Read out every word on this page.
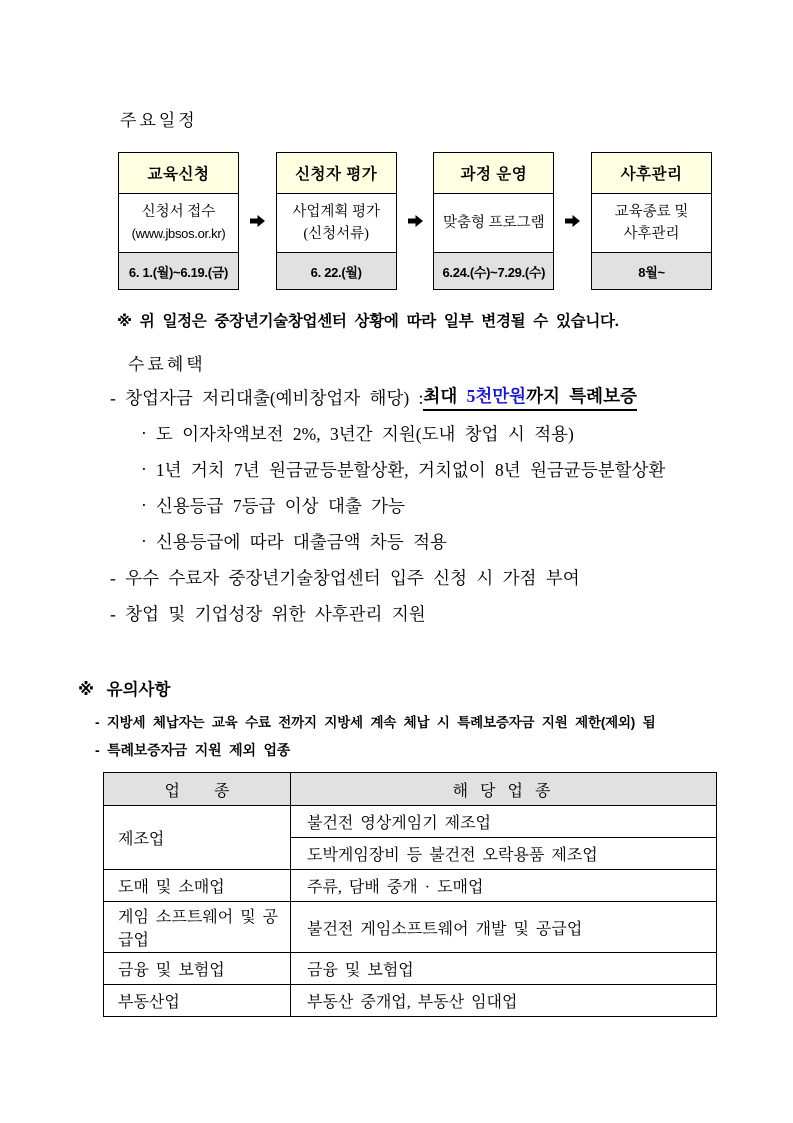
주요일정
교육신청
신청서 접수
(www.jbsos.or.kr)
6. 1.(월)~6.19.(금)
신청자 평가
사업계획 평가
(신청서류)
6. 22.(월)
과정 운영
맞춤형 프로그램
6.24.(수)~7.29.(수)
사후관리
교육종료 및
사후관리
8월~
※ 위 일정은 중장년기술창업센터 상황에 따라 일부 변경될 수 있습니다.
수료혜택
- 창업자금 저리대출(예비창업자 해당) : 최대 5천만원까지 특례보증
· 도 이자차액보전 2%, 3년간 지원(도내 창업 시 적용)
· 1년 거치 7년 원금균등분할상환, 거치없이 8년 원금균등분할상환
· 신용등급 7등급 이상 대출 가능
· 신용등급에 따라 대출금액 차등 적용
- 우수 수료자 중장년기술창업센터 입주 신청 시 가점 부여
- 창업 및 기업성장 위한 사후관리 지원
※ 유의사항
- 지방세 체납자는 교육 수료 전까지 지방세 계속 체납 시 특례보증자금 지원 제한(제외) 됨
- 특례보증자금 지원 제외 업종
업 종	해 당 업 종
제조업	불건전 영상게임기 제조업
	도박게임장비 등 불건전 오락용품 제조업
도매 및 소매업	주류, 담배 중개 · 도매업
게임 소프트웨어 및 공급업	불건전 게임소프트웨어 개발 및 공급업
금융 및 보험업	금융 및 보험업
부동산업	부동산 중개업, 부동산 임대업
